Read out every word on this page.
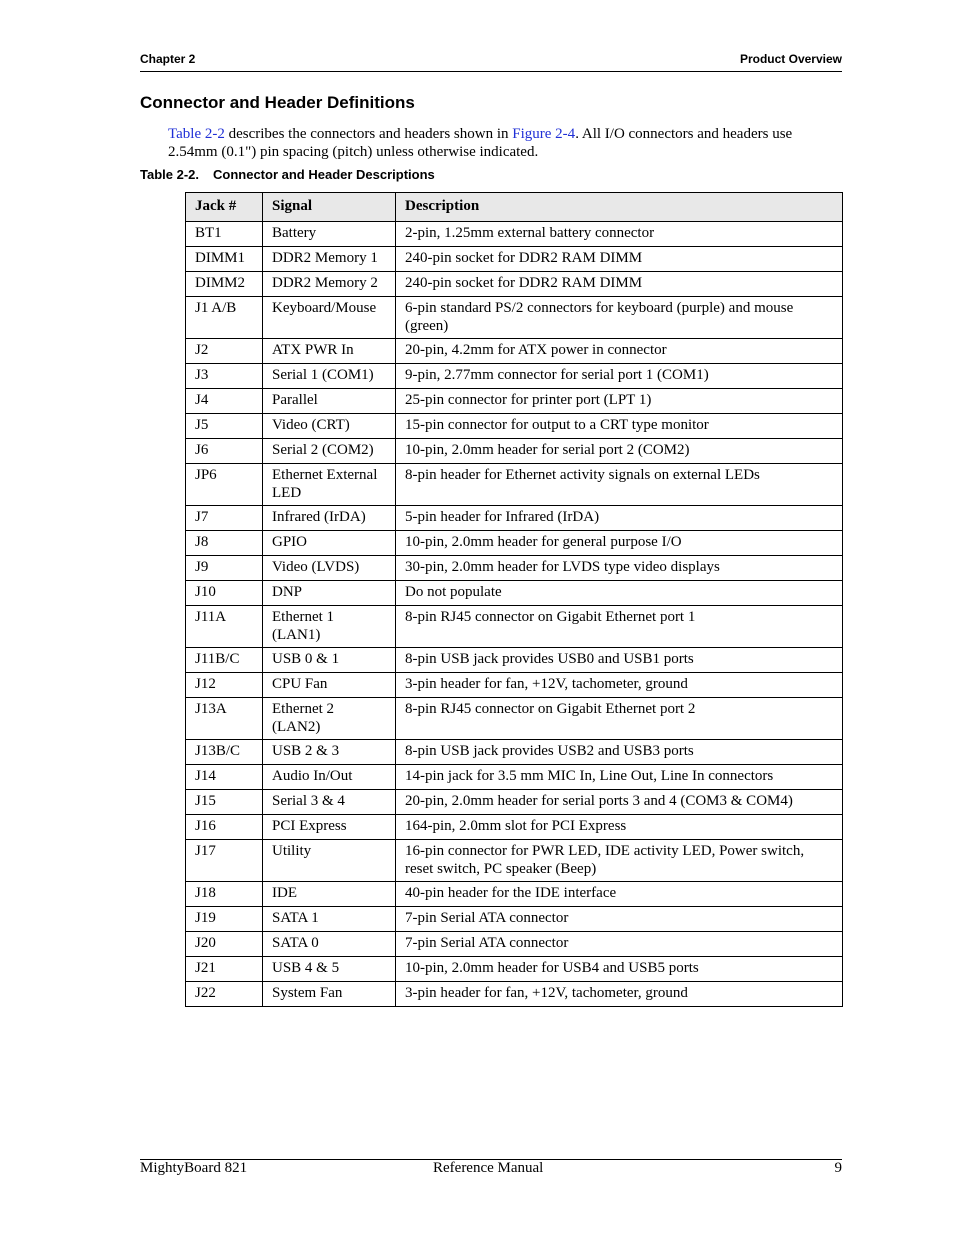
Chapter 2	Product Overview
Connector and Header Definitions

Table 2-2 describes the connectors and headers shown in Figure 2-4. All I/O connectors and headers use 2.54mm (0.1") pin spacing (pitch) unless otherwise indicated.

Table 2-2. Connector and Header Descriptions
Jack #	Signal	Description
BT1	Battery	2-pin, 1.25mm external battery connector
DIMM1	DDR2 Memory 1	240-pin socket for DDR2 RAM DIMM
DIMM2	DDR2 Memory 2	240-pin socket for DDR2 RAM DIMM
J1 A/B	Keyboard/Mouse	6-pin standard PS/2 connectors for keyboard (purple) and mouse (green)
J2	ATX PWR In	20-pin, 4.2mm for ATX power in connector
J3	Serial 1 (COM1)	9-pin, 2.77mm connector for serial port 1 (COM1)
J4	Parallel	25-pin connector for printer port (LPT 1)
J5	Video (CRT)	15-pin connector for output to a CRT type monitor
J6	Serial 2 (COM2)	10-pin, 2.0mm header for serial port 2 (COM2)
JP6	Ethernet External LED	8-pin header for Ethernet activity signals on external LEDs
J7	Infrared (IrDA)	5-pin header for Infrared (IrDA)
J8	GPIO	10-pin, 2.0mm header for general purpose I/O
J9	Video (LVDS)	30-pin, 2.0mm header for LVDS type video displays
J10	DNP	Do not populate
J11A	Ethernet 1 (LAN1)	8-pin RJ45 connector on Gigabit Ethernet port 1
J11B/C	USB 0 & 1	8-pin USB jack provides USB0 and USB1 ports
J12	CPU Fan	3-pin header for fan, +12V, tachometer, ground
J13A	Ethernet 2 (LAN2)	8-pin RJ45 connector on Gigabit Ethernet port 2
J13B/C	USB 2 & 3	8-pin USB jack provides USB2 and USB3 ports
J14	Audio In/Out	14-pin jack for 3.5 mm MIC In, Line Out, Line In connectors
J15	Serial 3 & 4	20-pin, 2.0mm header for serial ports 3 and 4 (COM3 & COM4)
J16	PCI Express	164-pin, 2.0mm slot for PCI Express
J17	Utility	16-pin connector for PWR LED, IDE activity LED, Power switch, reset switch, PC speaker (Beep)
J18	IDE	40-pin header for the IDE interface
J19	SATA 1	7-pin Serial ATA connector
J20	SATA 0	7-pin Serial ATA connector
J21	USB 4 & 5	10-pin, 2.0mm header for USB4 and USB5 ports
J22	System Fan	3-pin header for fan, +12V, tachometer, ground
MightyBoard 821	Reference Manual	9
